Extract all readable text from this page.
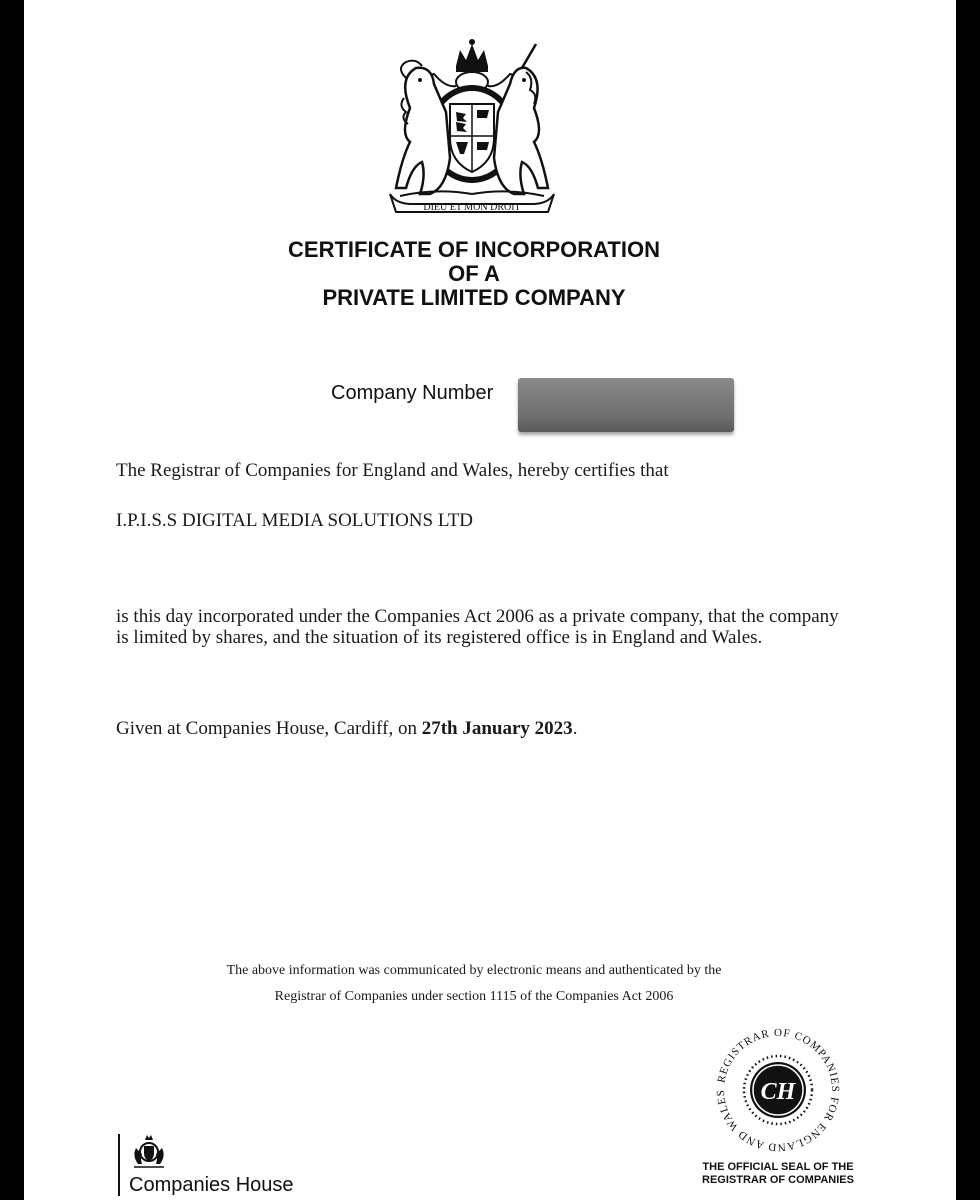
DIEU ET MON DROIT
CERTIFICATE OF INCORPORATION
OF A
PRIVATE LIMITED COMPANY
Company Number
The Registrar of Companies for England and Wales, hereby certifies that
I.P.I.S.S DIGITAL MEDIA SOLUTIONS LTD
is this day incorporated under the Companies Act 2006 as a private company, that the company is limited by shares, and the situation of its registered office is in England and Wales.
Given at Companies House, Cardiff, on 27th January 2023.
The above information was communicated by electronic means and authenticated by the
Registrar of Companies under section 1115 of the Companies Act 2006
REGISTRAR OF COMPANIES FOR ENGLAND AND WALES	CH
THE OFFICIAL SEAL OF THE
REGISTRAR OF COMPANIES
Companies House
